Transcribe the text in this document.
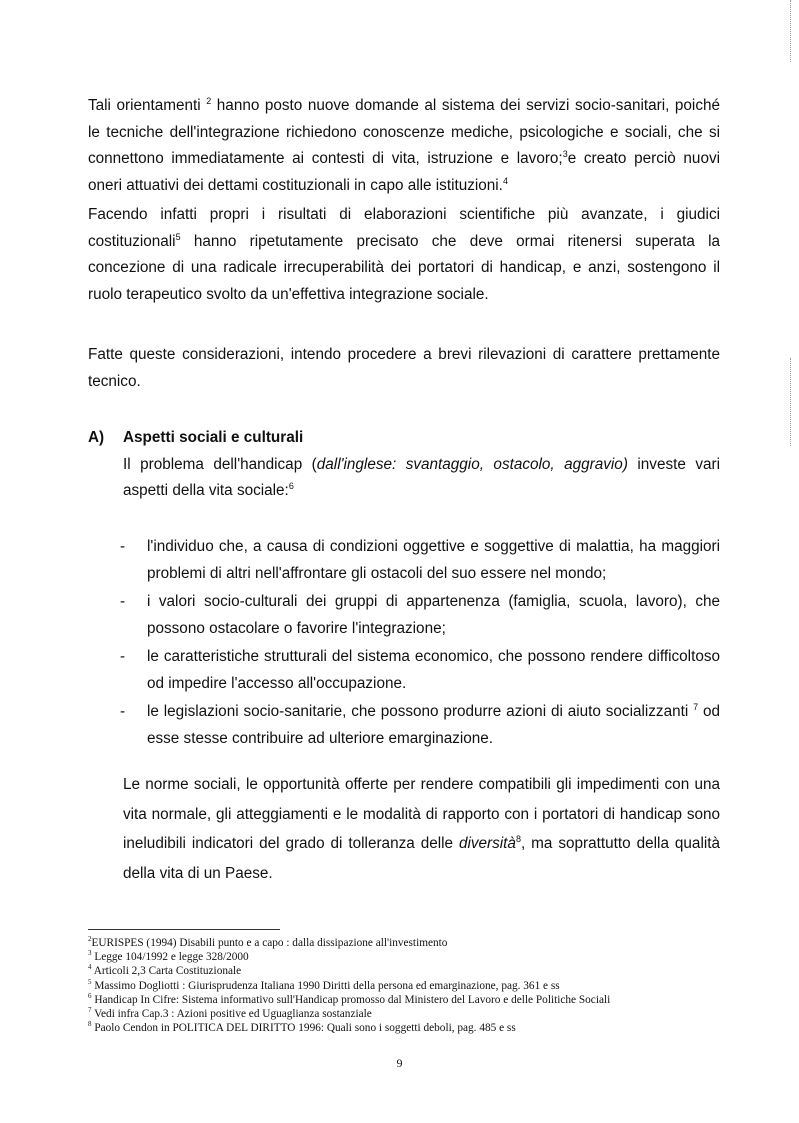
Tali orientamenti $^2$ hanno posto nuove domande al sistema dei servizi socio-sanitari, poiché le tecniche dell'integrazione richiedono conoscenze mediche, psicologiche e sociali, che si connettono immediatamente ai contesti di vita, istruzione e lavoro;$^3$e creato perciò nuovi oneri attuativi dei dettami costituzionali in capo alle istituzioni.$^4$

Facendo infatti propri i risultati di elaborazioni scientifiche più avanzate, i giudici costituzionali$^5$ hanno ripetutamente precisato che deve ormai ritenersi superata la concezione di una radicale irrecuperabilità dei portatori di handicap, e anzi, sostengono il ruolo terapeutico svolto da un'effettiva integrazione sociale.

Fatte queste considerazioni, intendo procedere a brevi rilevazioni di carattere prettamente tecnico.

A) Aspetti sociali e culturali
Il problema dell'handicap (dall'inglese: svantaggio, ostacolo, aggravio) investe vari aspetti della vita sociale:$^6$
- l'individuo che, a causa di condizioni oggettive e soggettive di malattia, ha maggiori problemi di altri nell'affrontare gli ostacoli del suo essere nel mondo;
- i valori socio-culturali dei gruppi di appartenenza (famiglia, scuola, lavoro), che possono ostacolare o favorire l'integrazione;
- le caratteristiche strutturali del sistema economico, che possono rendere difficoltoso od impedire l'accesso all'occupazione.
- le legislazioni socio-sanitarie, che possono produrre azioni di aiuto socializzanti $^7$ od esse stesse contribuire ad ulteriore emarginazione.
Le norme sociali, le opportunità offerte per rendere compatibili gli impedimenti con una vita normale, gli atteggiamenti e le modalità di rapporto con i portatori di handicap sono ineludibili indicatori del grado di tolleranza delle diversità$^8$, ma soprattutto della qualità della vita di un Paese.
$^2$EURISPES (1994) Disabili punto e a capo : dalla dissipazione all'investimento
$^3$ Legge 104/1992 e legge 328/2000
$^4$ Articoli 2,3 Carta Costituzionale
$^5$ Massimo Dogliotti : Giurisprudenza Italiana 1990 Diritti della persona ed emarginazione, pag. 361 e ss
$^6$ Handicap In Cifre: Sistema informativo sull'Handicap promosso dal Ministero del Lavoro e delle Politiche Sociali
$^7$ Vedi infra Cap.3 : Azioni positive ed Uguaglianza sostanziale
$^8$ Paolo Cendon in POLITICA DEL DIRITTO 1996: Quali sono i soggetti deboli, pag. 485 e ss
9
